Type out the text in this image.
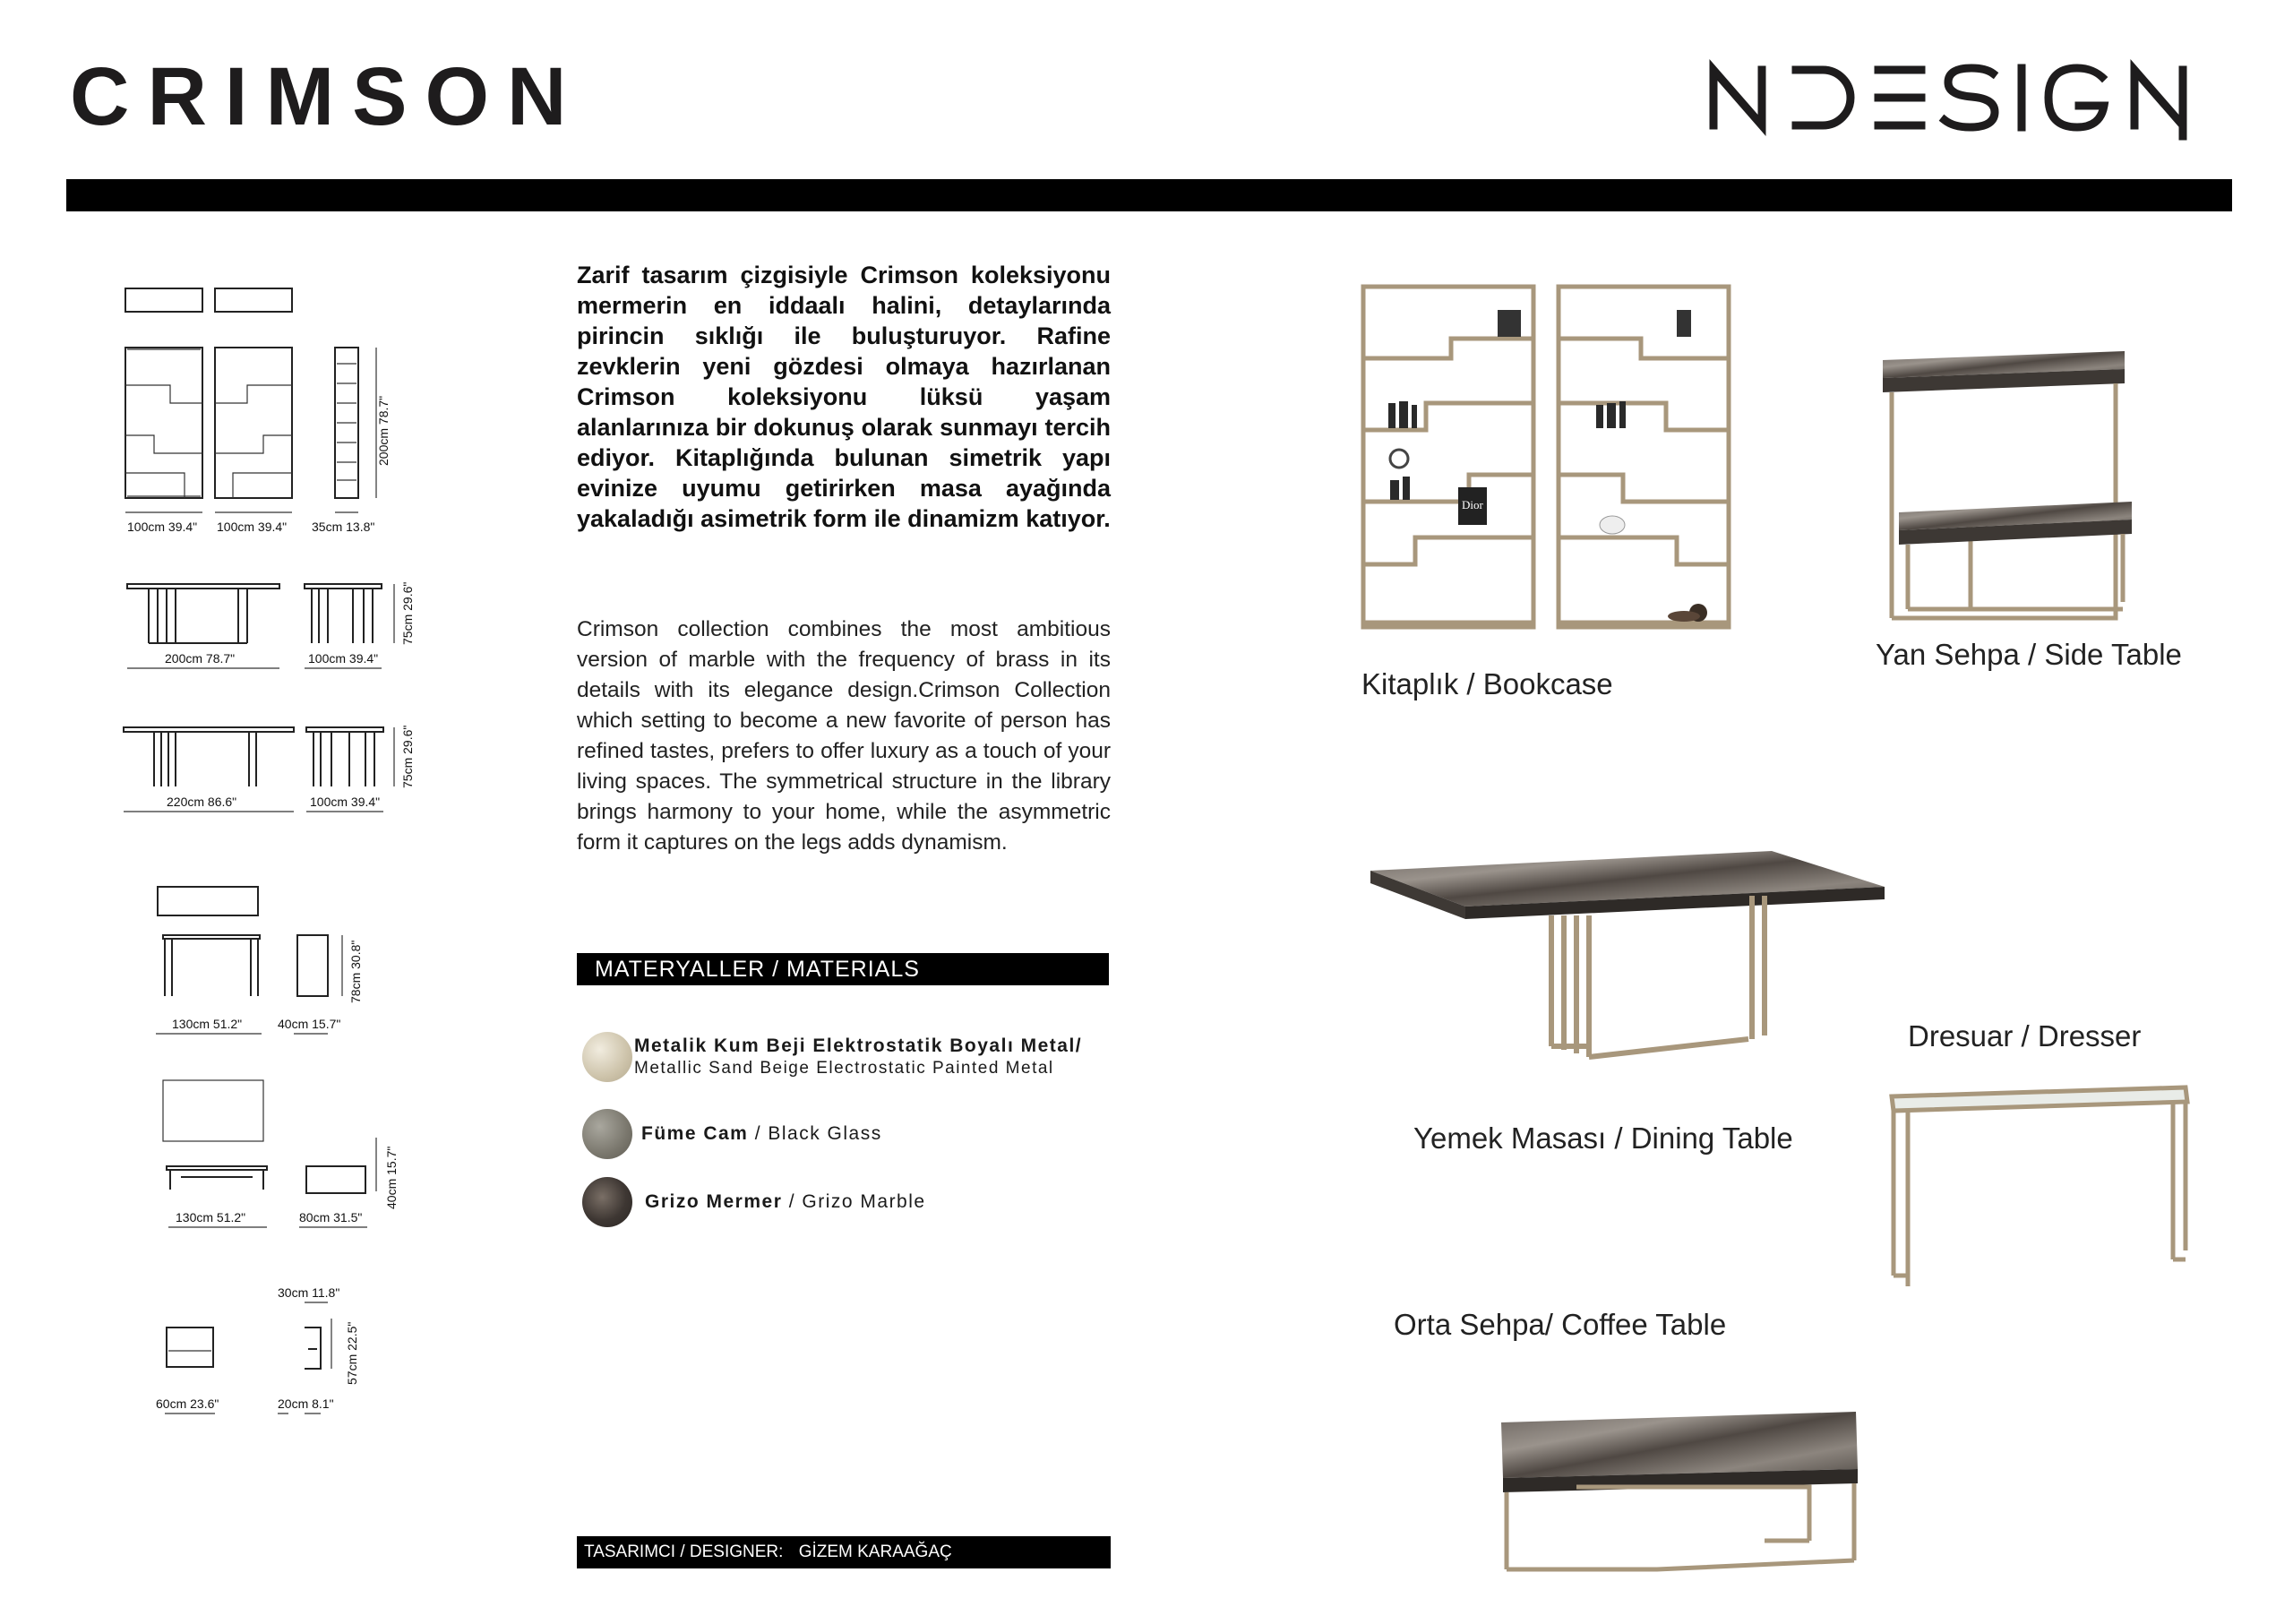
CRIMSON
200cm 78.7"
100cm 39.4" 100cm 39.4" 35cm 13.8"
200cm 78.7"	100cm 39.4"
75cm 29.6"
220cm 86.6"	100cm 39.4"
75cm 29.6"
130cm 51.2"	40cm 15.7"
78cm 30.8"
130cm 51.2"	80cm 31.5"
40cm 15.7"
30cm 11.8"
60cm 23.6"	20cm 8.1"
57cm 22.5"
Zarif tasarım çizgisiyle Crimson koleksiyonu mermerin en iddaalı halini, detaylarında pirincin sıklığı ile buluşturuyor. Rafine zevklerin yeni gözdesi olmaya hazırlanan Crimson koleksiyonu lüksü yaşam alanlarınıza bir dokunuş olarak sunmayı tercih ediyor. Kitaplığında bulunan simetrik yapı evinize uyumu getirirken masa ayağında yakaladığı asimetrik form ile dinamizm katıyor.
Crimson collection combines the most ambitious version of marble with the frequency of brass in its details with its elegance design.Crimson Collection which setting to become a new favorite of person has refined tastes, prefers to offer luxury as a touch of your living spaces. The symmetrical structure in the library brings harmony to your home, while the asymmetric form it captures on the legs adds dynamism.
MATERYALLER / MATERIALS
Metalik Kum Beji Elektrostatik Boyalı Metal/
Metallic Sand Beige Electrostatic Painted Metal
Füme Cam / Black Glass
Grizo Mermer / Grizo Marble
TASARIMCI / DESIGNER: GİZEM KARAAĞAÇ
Dior
Kitaplık / Bookcase
Yan Sehpa / Side Table
Yemek Masası / Dining Table
Dresuar / Dresser
Orta Sehpa/ Coffee Table
